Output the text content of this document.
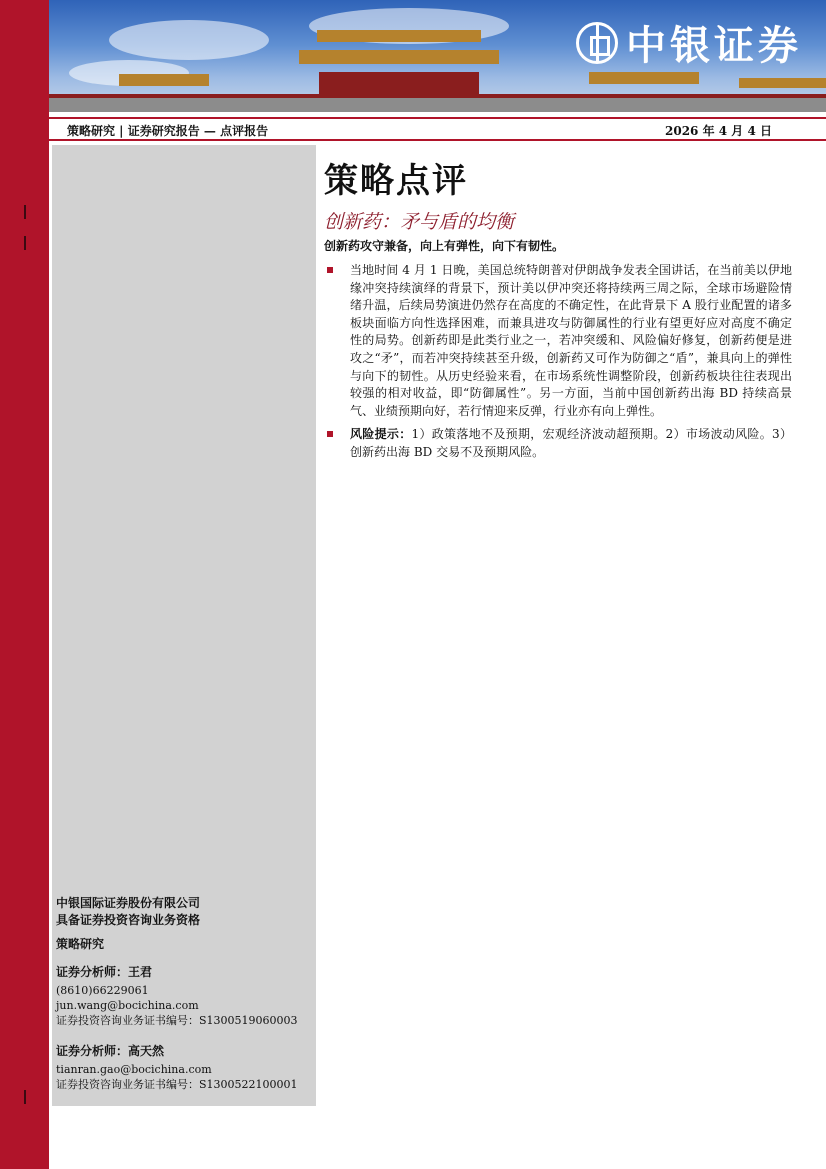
中银证券
策略研究 | 证券研究报告 — 点评报告	2026 年 4 月 4 日
中银国际证券股份有限公司
具备证券投资咨询业务资格
策略研究
证券分析师：王君
(8610)66229061
jun.wang@bocichina.com
证券投资咨询业务证书编号：S1300519060003
证券分析师：高天然
tianran.gao@bocichina.com
证券投资咨询业务证书编号：S1300522100001
策略点评
创新药：矛与盾的均衡
创新药攻守兼备，向上有弹性，向下有韧性。
当地时间 4 月 1 日晚，美国总统特朗普对伊朗战争发表全国讲话，在当前美以伊地缘冲突持续演绎的背景下，预计美以伊冲突还将持续两三周之际，全球市场避险情绪升温，后续局势演进仍然存在高度的不确定性，在此背景下 A 股行业配置的诸多板块面临方向性选择困难，而兼具进攻与防御属性的行业有望更好应对高度不确定性的局势。创新药即是此类行业之一，若冲突缓和、风险偏好修复，创新药便是进攻之“矛”，而若冲突持续甚至升级，创新药又可作为防御之“盾”，兼具向上的弹性与向下的韧性。从历史经验来看，在市场系统性调整阶段，创新药板块往往表现出较强的相对收益，即“防御属性”。另一方面，当前中国创新药出海 BD 持续高景气、业绩预期向好，若行情迎来反弹，行业亦有向上弹性。
风险提示：1）政策落地不及预期，宏观经济波动超预期。2）市场波动风险。3）创新药出海 BD 交易不及预期风险。
